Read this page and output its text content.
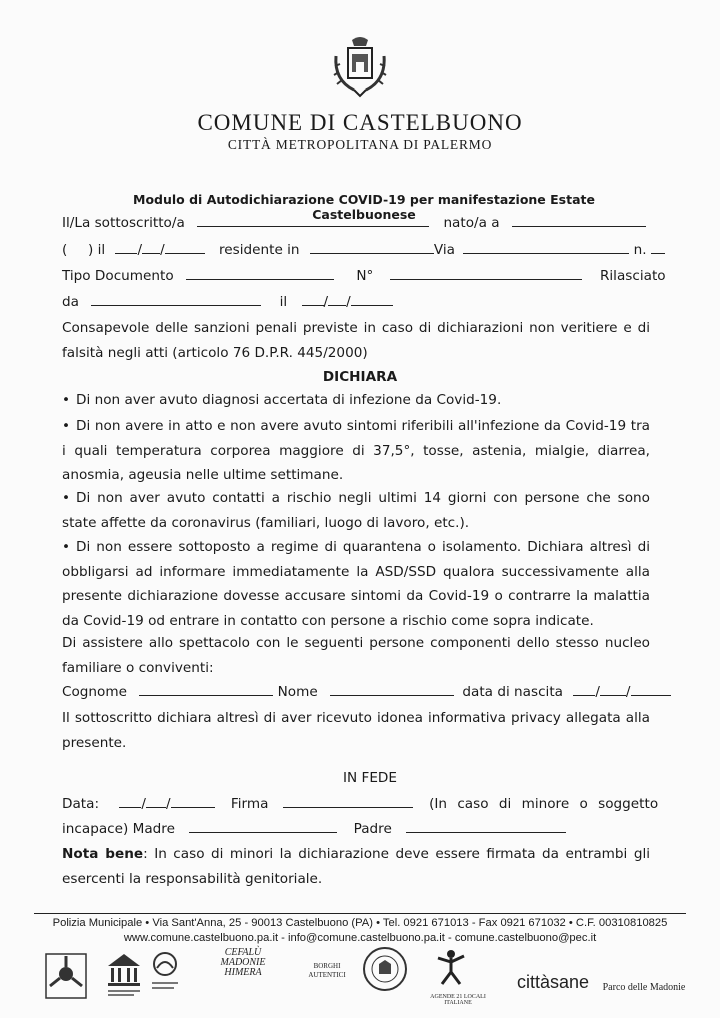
COMUNE DI CASTELBUONO
CITTÀ METROPOLITANA DI PALERMO
Modulo di Autodichiarazione COVID-19 per manifestazione Estate Castelbuonese
Il/La sottoscritto/a	nato/a a
( ) il / /	residente in	Via	n.
Tipo Documento	N°	Rilasciato
da	il	/ /
Consapevole delle sanzioni penali previste in caso di dichiarazioni non veritiere e di falsità negli atti (articolo 76 D.P.R. 445/2000)
DICHIARA
• Di non aver avuto diagnosi accertata di infezione da Covid-19.
• Di non avere in atto e non avere avuto sintomi riferibili all'infezione da Covid-19 tra i quali temperatura corporea maggiore di 37,5°, tosse, astenia, mialgie, diarrea, anosmia, ageusia nelle ultime settimane.
• Di non aver avuto contatti a rischio negli ultimi 14 giorni con persone che sono state affette da coronavirus (familiari, luogo di lavoro, etc.).
• Di non essere sottoposto a regime di quarantena o isolamento. Dichiara altresì di obbligarsi ad informare immediatamente la ASD/SSD qualora successivamente alla presente dichiarazione dovesse accusare sintomi da Covid-19 o contrarre la malattia da Covid-19 od entrare in contatto con persone a rischio come sopra indicate.
Di assistere allo spettacolo con le seguenti persone componenti dello stesso nucleo familiare o conviventi:
Cognome	Nome	data di nascita / /
Il sottoscritto dichiara altresì di aver ricevuto idonea informativa privacy allegata alla presente.
IN FEDE
Data:	/ /	Firma	(In caso di minore o soggetto
incapace) Madre	Padre
Nota bene: In caso di minori la dichiarazione deve essere firmata da entrambi gli esercenti la responsabilità genitoriale.
Polizia Municipale • Via Sant'Anna, 25 - 90013 Castelbuono (PA) • Tel. 0921 671013 - Fax 0921 671032 • C.F. 00310810825
www.comune.castelbuono.pa.it - info@comune.castelbuono.pa.it - comune.castelbuono@pec.it
CEFALÙ MADONIE HIMERA
BORGHI AUTENTICI
AGENDE 21 LOCALI ITALIANE
cittàsane	Parco delle Madonie
